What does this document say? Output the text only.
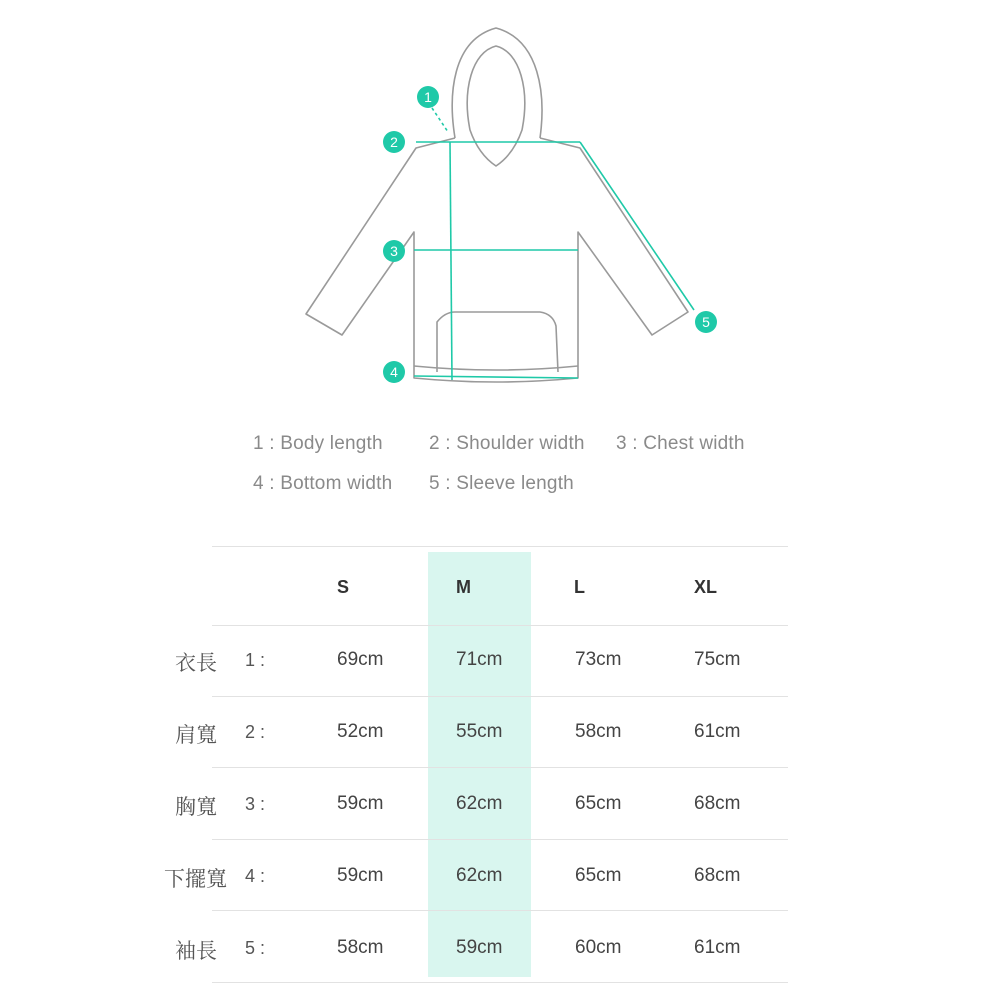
1
2
3
4
5
1 : Body length 2 : Shoulder width 3 : Chest width
4 : Bottom width 5 : Sleeve length
S	M	L	XL
衣長 1 :	69cm	71cm	73cm	75cm
肩寬 2 :	52cm	55cm	58cm	61cm
胸寬 3 :	59cm	62cm	65cm	68cm
下擺寬 4 :	59cm	62cm	65cm	68cm
袖長 5 :	58cm	59cm	60cm	61cm
